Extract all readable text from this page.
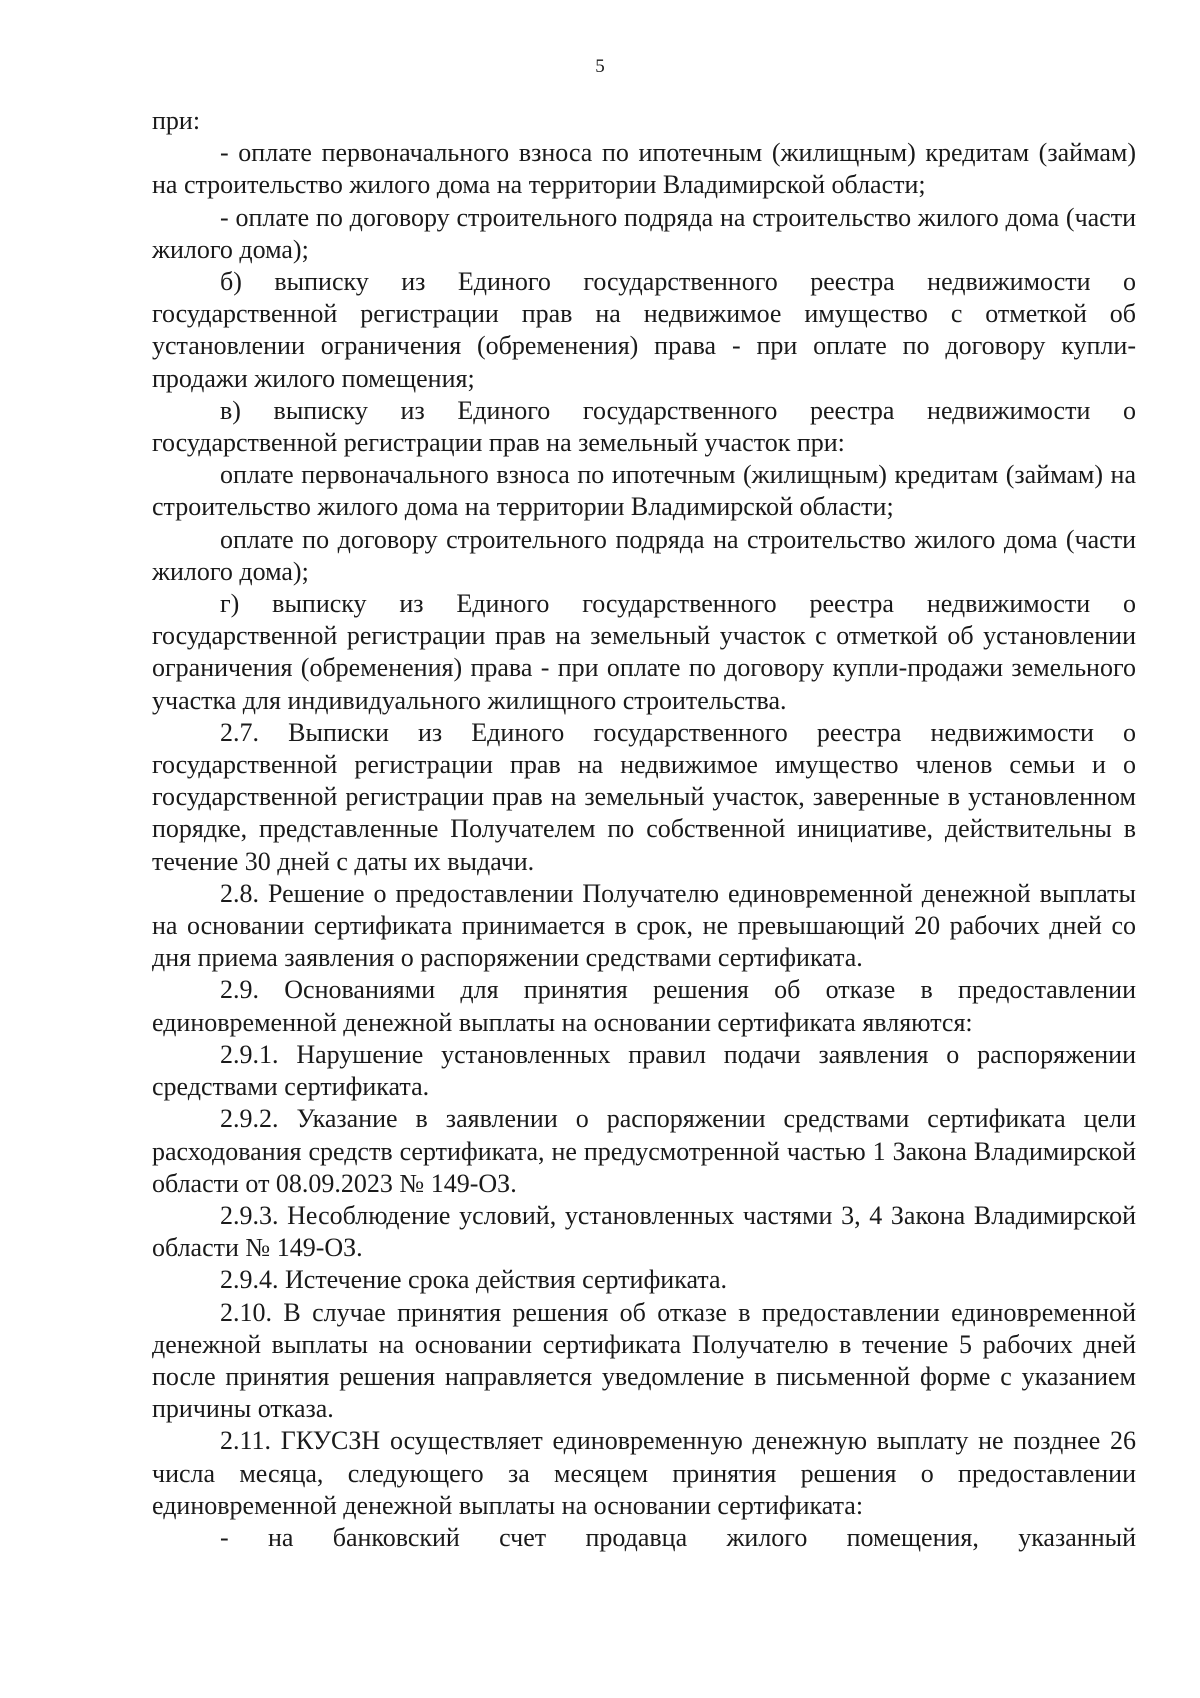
5

при:

- оплате первоначального взноса по ипотечным (жилищным) кредитам (займам) на строительство жилого дома на территории Владимирской области;

- оплате по договору строительного подряда на строительство жилого дома (части жилого дома);

б) выписку из Единого государственного реестра недвижимости о государственной регистрации прав на недвижимое имущество с отметкой об установлении ограничения (обременения) права - при оплате по договору купли-продажи жилого помещения;

в) выписку из Единого государственного реестра недвижимости о государственной регистрации прав на земельный участок при:

оплате первоначального взноса по ипотечным (жилищным) кредитам (займам) на строительство жилого дома на территории Владимирской области;

оплате по договору строительного подряда на строительство жилого дома (части жилого дома);

г) выписку из Единого государственного реестра недвижимости о государственной регистрации прав на земельный участок с отметкой об установлении ограничения (обременения) права - при оплате по договору купли-продажи земельного участка для индивидуального жилищного строительства.

2.7. Выписки из Единого государственного реестра недвижимости о государственной регистрации прав на недвижимое имущество членов семьи и о государственной регистрации прав на земельный участок, заверенные в установленном порядке, представленные Получателем по собственной инициативе, действительны в течение 30 дней с даты их выдачи.

2.8. Решение о предоставлении Получателю единовременной денежной выплаты на основании сертификата принимается в срок, не превышающий 20 рабочих дней со дня приема заявления о распоряжении средствами сертификата.

2.9. Основаниями для принятия решения об отказе в предоставлении единовременной денежной выплаты на основании сертификата являются:

2.9.1. Нарушение установленных правил подачи заявления о распоряжении средствами сертификата.

2.9.2. Указание в заявлении о распоряжении средствами сертификата цели расходования средств сертификата, не предусмотренной частью 1 Закона Владимирской области от 08.09.2023 № 149-ОЗ.

2.9.3. Несоблюдение условий, установленных частями 3, 4 Закона Владимирской области № 149-ОЗ.

2.9.4. Истечение срока действия сертификата.

2.10. В случае принятия решения об отказе в предоставлении единовременной денежной выплаты на основании сертификата Получателю в течение 5 рабочих дней после принятия решения направляется уведомление в письменной форме с указанием причины отказа.

2.11. ГКУСЗН осуществляет единовременную денежную выплату не позднее 26 числа месяца, следующего за месяцем принятия решения о предоставлении единовременной денежной выплаты на основании сертификата:

- на банковский счет продавца жилого помещения, указанный
